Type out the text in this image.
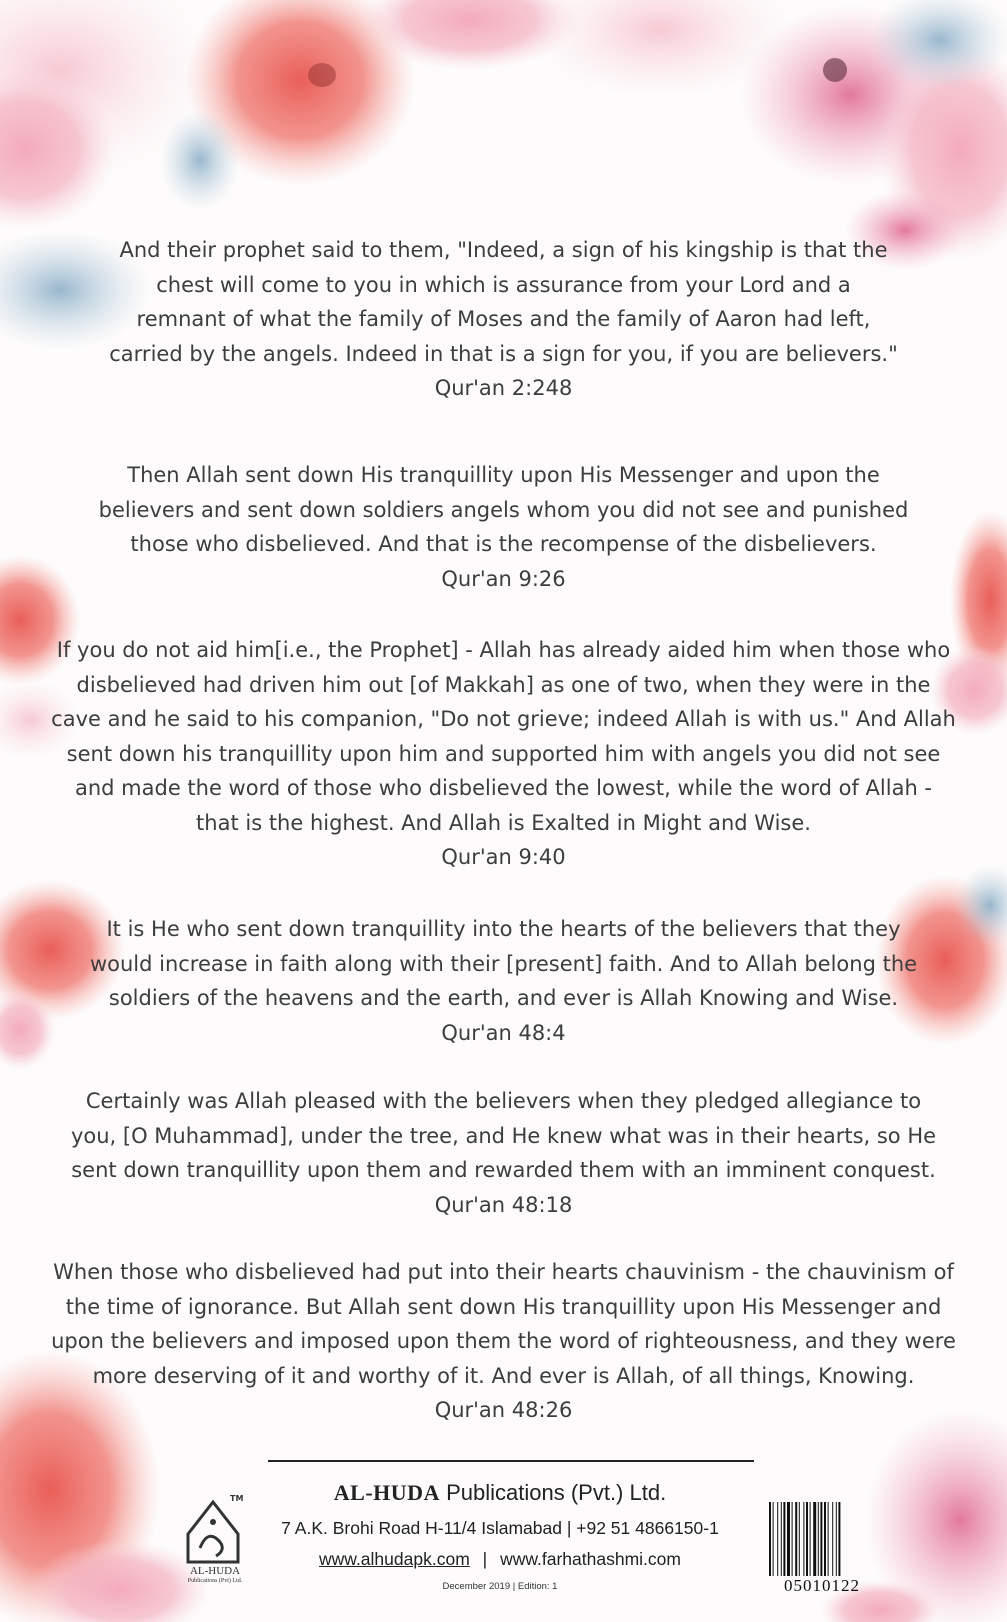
And their prophet said to them, "Indeed, a sign of his kingship is that the
chest will come to you in which is assurance from your Lord and a
remnant of what the family of Moses and the family of Aaron had left,
carried by the angels. Indeed in that is a sign for you, if you are believers."
Qur'an 2:248
Then Allah sent down His tranquillity upon His Messenger and upon the
believers and sent down soldiers angels whom you did not see and punished
those who disbelieved. And that is the recompense of the disbelievers.
Qur'an 9:26
If you do not aid him[i.e., the Prophet] - Allah has already aided him when those who
disbelieved had driven him out [of Makkah] as one of two, when they were in the
cave and he said to his companion, "Do not grieve; indeed Allah is with us." And Allah
sent down his tranquillity upon him and supported him with angels you did not see
and made the word of those who disbelieved the lowest, while the word of Allah -
that is the highest. And Allah is Exalted in Might and Wise.
Qur'an 9:40
It is He who sent down tranquillity into the hearts of the believers that they
would increase in faith along with their [present] faith. And to Allah belong the
soldiers of the heavens and the earth, and ever is Allah Knowing and Wise.
Qur'an 48:4
Certainly was Allah pleased with the believers when they pledged allegiance to
you, [O Muhammad], under the tree, and He knew what was in their hearts, so He
sent down tranquillity upon them and rewarded them with an imminent conquest.
Qur'an 48:18
When those who disbelieved had put into their hearts chauvinism - the chauvinism of
the time of ignorance. But Allah sent down His tranquillity upon His Messenger and
upon the believers and imposed upon them the word of righteousness, and they were
more deserving of it and worthy of it. And ever is Allah, of all things, Knowing.
Qur'an 48:26
TM
AL-HUDA
Publications (Pvt) Ltd.
AL-HUDA Publications (Pvt.) Ltd.
7 A.K. Brohi Road H-11/4 Islamabad | +92 51 4866150-1
www.alhudapk.com | www.farhathashmi.com
December 2019 | Edition: 1	05010122
